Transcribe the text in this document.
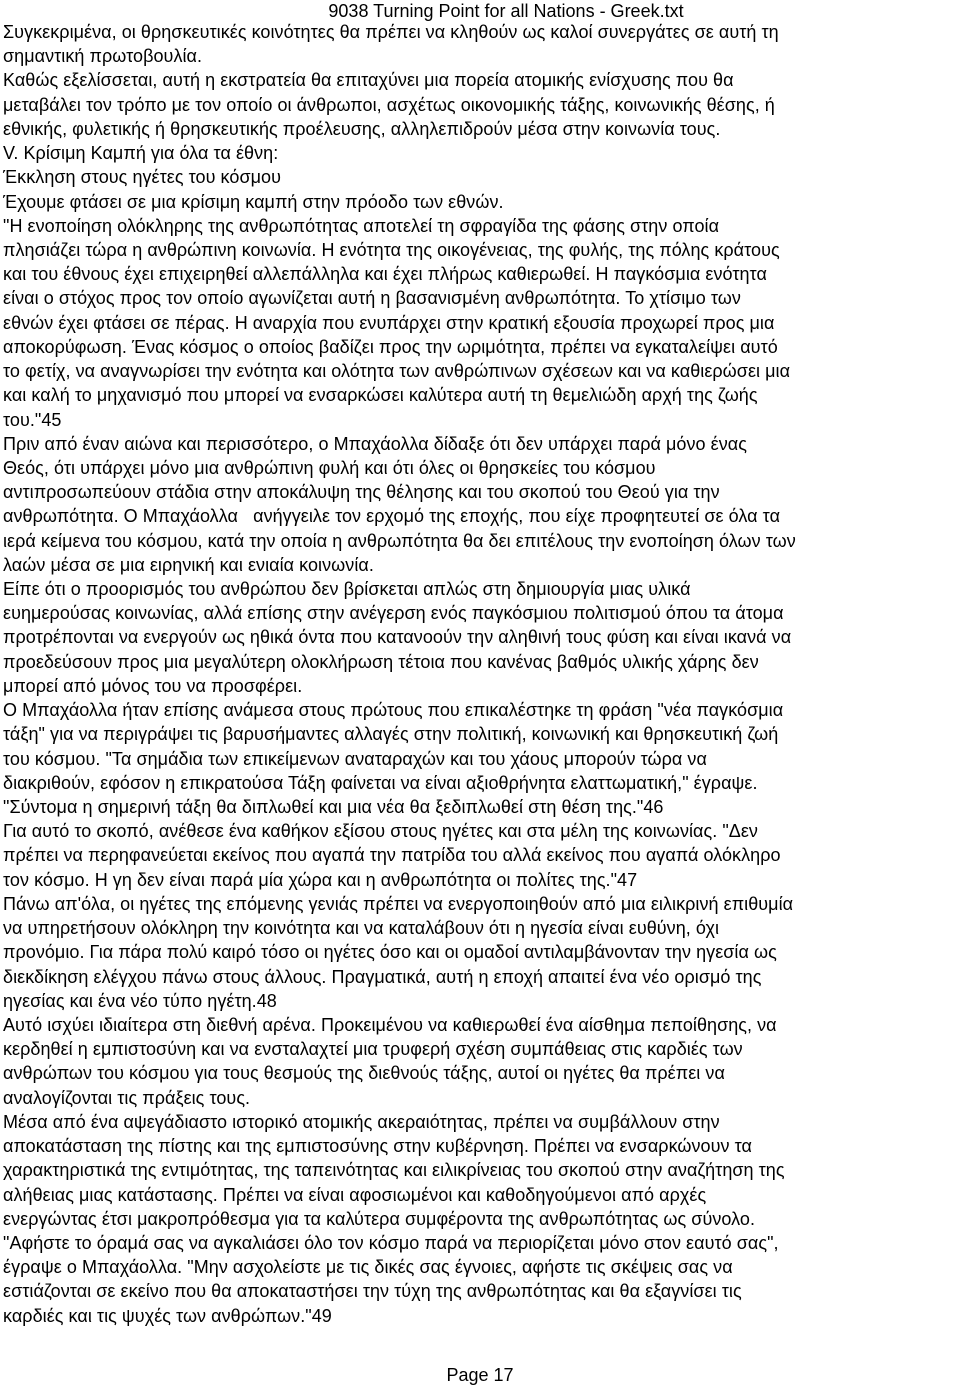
9038 Turning Point for all Nations - Greek.txt
Συγκεκριμένα, οι θρησκευτικές κοινότητες θα πρέπει να κληθούν ως καλοί συνεργάτες σε αυτή τη
σημαντική πρωτοβουλία.
Καθώς εξελίσσεται, αυτή η εκστρατεία θα επιταχύνει μια πορεία ατομικής ενίσχυσης που θα
μεταβάλει τον τρόπο με τον οποίο οι άνθρωποι, ασχέτως οικονομικής τάξης, κοινωνικής θέσης, ή
εθνικής, φυλετικής ή θρησκευτικής προέλευσης, αλληλεπιδρούν μέσα στην κοινωνία τους.
V. Κρίσιμη Καμπή για όλα τα έθνη:
Έκκληση στους ηγέτες του κόσμου
Έχουμε φτάσει σε μια κρίσιμη καμπή στην πρόοδο των εθνών.
"Η ενοποίηση ολόκληρης της ανθρωπότητας αποτελεί τη σφραγίδα της φάσης στην οποία
πλησιάζει τώρα η ανθρώπινη κοινωνία. Η ενότητα της οικογένειας, της φυλής, της πόλης κράτους
και του έθνους έχει επιχειρηθεί αλλεπάλληλα και έχει πλήρως καθιερωθεί. Η παγκόσμια ενότητα
είναι ο στόχος προς τον οποίο αγωνίζεται αυτή η βασανισμένη ανθρωπότητα. Το χτίσιμο των
εθνών έχει φτάσει σε πέρας. Η αναρχία που ενυπάρχει στην κρατική εξουσία προχωρεί προς μια
αποκορύφωση. Ένας κόσμος ο οποίος βαδίζει προς την ωριμότητα, πρέπει να εγκαταλείψει αυτό
το φετίχ, να αναγνωρίσει την ενότητα και ολότητα των ανθρώπινων σχέσεων και να καθιερώσει μια
και καλή το μηχανισμό που μπορεί να ενσαρκώσει καλύτερα αυτή τη θεμελιώδη αρχή της ζωής
του."45
Πριν από έναν αιώνα και περισσότερο, ο Μπαχάολλα δίδαξε ότι δεν υπάρχει παρά μόνο ένας
Θεός, ότι υπάρχει μόνο μια ανθρώπινη φυλή και ότι όλες οι θρησκείες του κόσμου
αντιπροσωπεύουν στάδια στην αποκάλυψη της θέλησης και του σκοπού του Θεού για την
ανθρωπότητα. Ο Μπαχάολλα   ανήγγειλε τον ερχομό της εποχής, που είχε προφητευτεί σε όλα τα
ιερά κείμενα του κόσμου, κατά την οποία η ανθρωπότητα θα δει επιτέλους την ενοποίηση όλων των
λαών μέσα σε μια ειρηνική και ενιαία κοινωνία.
Είπε ότι ο προορισμός του ανθρώπου δεν βρίσκεται απλώς στη δημιουργία μιας υλικά
ευημερούσας κοινωνίας, αλλά επίσης στην ανέγερση ενός παγκόσμιου πολιτισμού όπου τα άτομα
προτρέπονται να ενεργούν ως ηθικά όντα που κατανοούν την αληθινή τους φύση και είναι ικανά να
προεδεύσουν προς μια μεγαλύτερη ολοκλήρωση τέτοια που κανένας βαθμός υλικής χάρης δεν
μπορεί από μόνος του να προσφέρει.
Ο Μπαχάολλα ήταν επίσης ανάμεσα στους πρώτους που επικαλέστηκε τη φράση "νέα παγκόσμια
τάξη" για να περιγράψει τις βαρυσήμαντες αλλαγές στην πολιτική, κοινωνική και θρησκευτική ζωή
του κόσμου. "Τα σημάδια των επικείμενων αναταραχών και του χάους μπορούν τώρα να
διακριθούν, εφόσον η επικρατούσα Τάξη φαίνεται να είναι αξιοθρήνητα ελαττωματική," έγραψε.
"Σύντομα η σημερινή τάξη θα διπλωθεί και μια νέα θα ξεδιπλωθεί στη θέση της."46
Για αυτό το σκοπό, ανέθεσε ένα καθήκον εξίσου στους ηγέτες και στα μέλη της κοινωνίας. "Δεν
πρέπει να περηφανεύεται εκείνος που αγαπά την πατρίδα του αλλά εκείνος που αγαπά ολόκληρο
τον κόσμο. Η γη δεν είναι παρά μία χώρα και η ανθρωπότητα οι πολίτες της."47
Πάνω απ'όλα, οι ηγέτες της επόμενης γενιάς πρέπει να ενεργοποιηθούν από μια ειλικρινή επιθυμία
να υπηρετήσουν ολόκληρη την κοινότητα και να καταλάβουν ότι η ηγεσία είναι ευθύνη, όχι
προνόμιο. Για πάρα πολύ καιρό τόσο οι ηγέτες όσο και οι ομαδοί αντιλαμβάνονταν την ηγεσία ως
διεκδίκηση ελέγχου πάνω στους άλλους. Πραγματικά, αυτή η εποχή απαιτεί ένα νέο ορισμό της
ηγεσίας και ένα νέο τύπο ηγέτη.48
Αυτό ισχύει ιδιαίτερα στη διεθνή αρένα. Προκειμένου να καθιερωθεί ένα αίσθημα πεποίθησης, να
κερδηθεί η εμπιστοσύνη και να ενσταλαχτεί μια τρυφερή σχέση συμπάθειας στις καρδιές των
ανθρώπων του κόσμου για τους θεσμούς της διεθνούς τάξης, αυτοί οι ηγέτες θα πρέπει να
αναλογίζονται τις πράξεις τους.
Μέσα από ένα αψεγάδιαστο ιστορικό ατομικής ακεραιότητας, πρέπει να συμβάλλουν στην
αποκατάσταση της πίστης και της εμπιστοσύνης στην κυβέρνηση. Πρέπει να ενσαρκώνουν τα
χαρακτηριστικά της εντιμότητας, της ταπεινότητας και ειλικρίνειας του σκοπού στην αναζήτηση της
αλήθειας μιας κατάστασης. Πρέπει να είναι αφοσιωμένοι και καθοδηγούμενοι από αρχές
ενεργώντας έτσι μακροπρόθεσμα για τα καλύτερα συμφέροντα της ανθρωπότητας ως σύνολο.
"Αφήστε το όραμά σας να αγκαλιάσει όλο τον κόσμο παρά να περιορίζεται μόνο στον εαυτό σας",
έγραψε ο Μπαχάολλα. "Μην ασχολείστε με τις δικές σας έγνοιες, αφήστε τις σκέψεις σας να
εστιάζονται σε εκείνο που θα αποκαταστήσει την τύχη της ανθρωπότητας και θα εξαγνίσει τις
καρδιές και τις ψυχές των ανθρώπων."49
Page 17
